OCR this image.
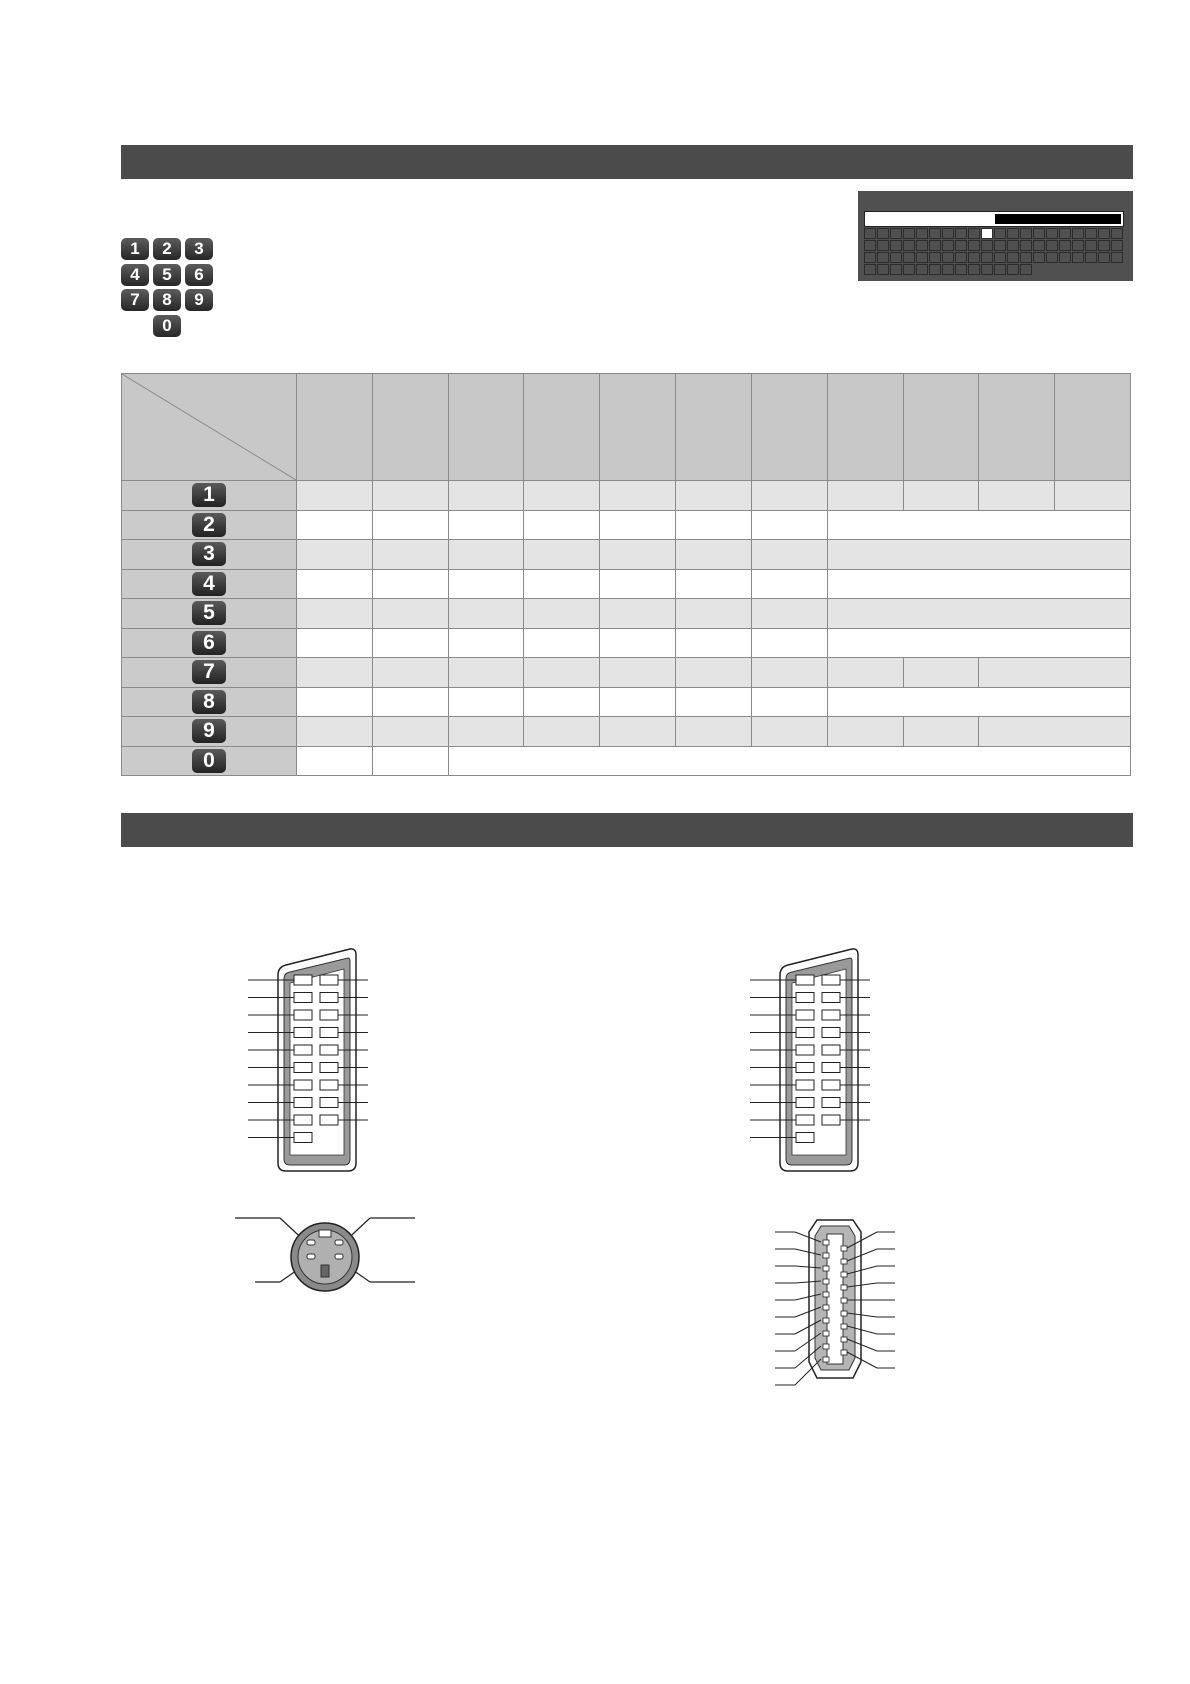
1	2	3
4	5	6
7	8	9
0

1											
2											
3											
4											
5											
6											
7											
8											
9											
0											
